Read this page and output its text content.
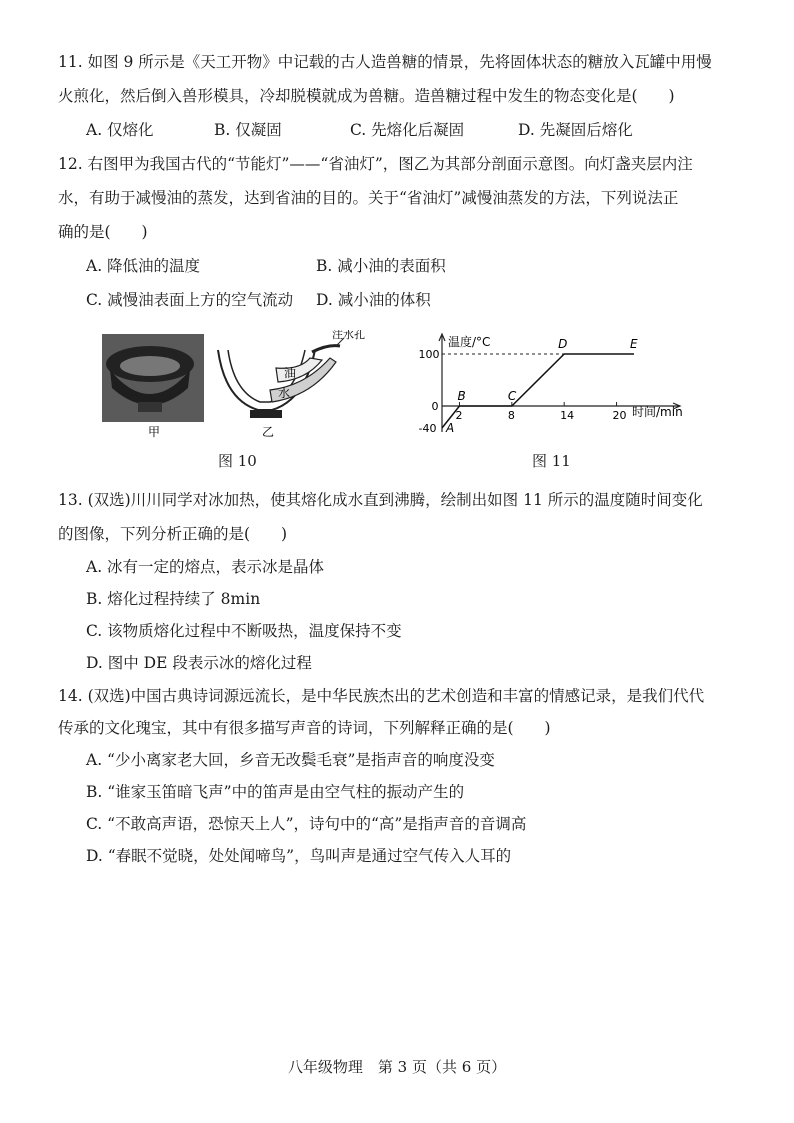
11. 如图 9 所示是《天工开物》中记载的古人造兽糖的情景，先将固体状态的糖放入瓦罐中用慢
火煎化，然后倒入兽形模具，冷却脱模就成为兽糖。造兽糖过程中发生的物态变化是(　　)
A. 仅熔化	B. 仅凝固	C. 先熔化后凝固	D. 先凝固后熔化
12. 右图甲为我国古代的“节能灯”——“省油灯”，图乙为其部分剖面示意图。向灯盏夹层内注
水，有助于减慢油的蒸发，达到省油的目的。关于“省油灯”减慢油蒸发的方法，下列说法正
确的是(　　)
A. 降低油的温度	B. 减小油的表面积
C. 减慢油表面上方的空气流动 D. 减小油的体积
注水孔
油
水
甲	乙
图 10
2	8	14	20
100
0
-40 A
B	C
D	E
温度/°C
时间/min
图 11
13. (双选)川川同学对冰加热，使其熔化成水直到沸腾，绘制出如图 11 所示的温度随时间变化
的图像，下列分析正确的是(　　)
A. 冰有一定的熔点，表示冰是晶体
B. 熔化过程持续了 8min
C. 该物质熔化过程中不断吸热，温度保持不变
D. 图中 DE 段表示冰的熔化过程
14. (双选)中国古典诗词源远流长，是中华民族杰出的艺术创造和丰富的情感记录，是我们代代
传承的文化瑰宝，其中有很多描写声音的诗词，下列解释正确的是(　　)
A. “少小离家老大回，乡音无改鬓毛衰”是指声音的响度没变
B. “谁家玉笛暗飞声”中的笛声是由空气柱的振动产生的
C. “不敢高声语，恐惊天上人”，诗句中的“高”是指声音的音调高
D. “春眠不觉晓，处处闻啼鸟”，鸟叫声是通过空气传入人耳的
八年级物理　第 3 页（共 6 页）
